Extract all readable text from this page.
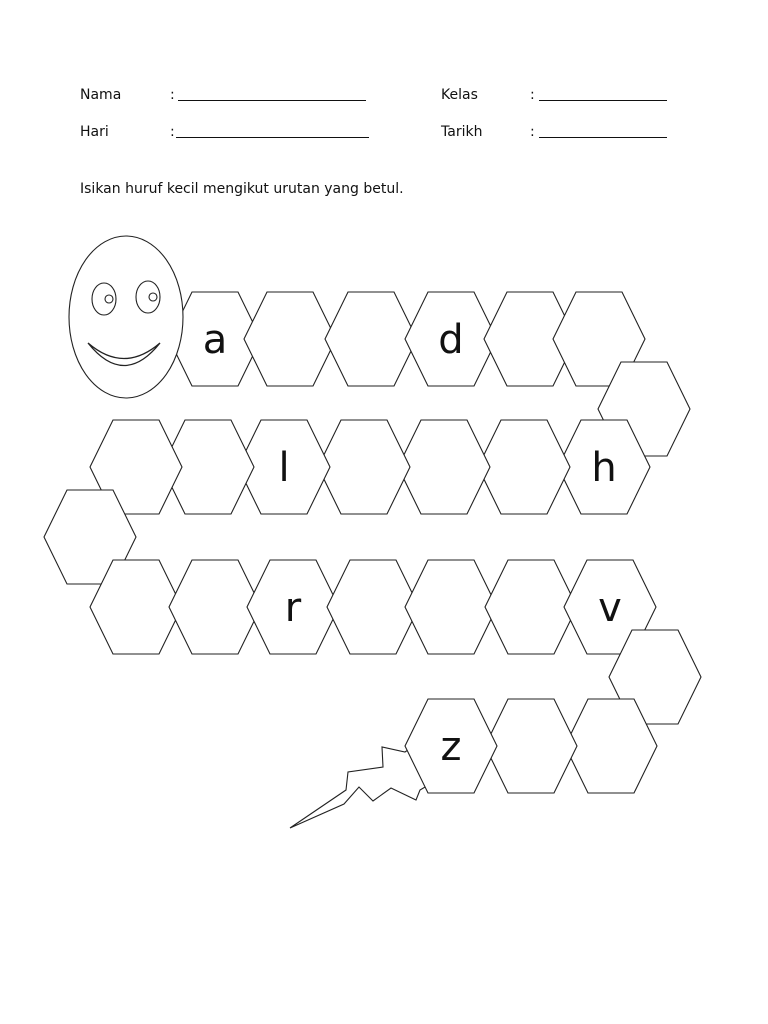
Nama	:
Hari	:
Kelas	:
Tarikh	:
Isikan huruf kecil mengikut urutan yang betul.
a	d
h
l
r	v
z
